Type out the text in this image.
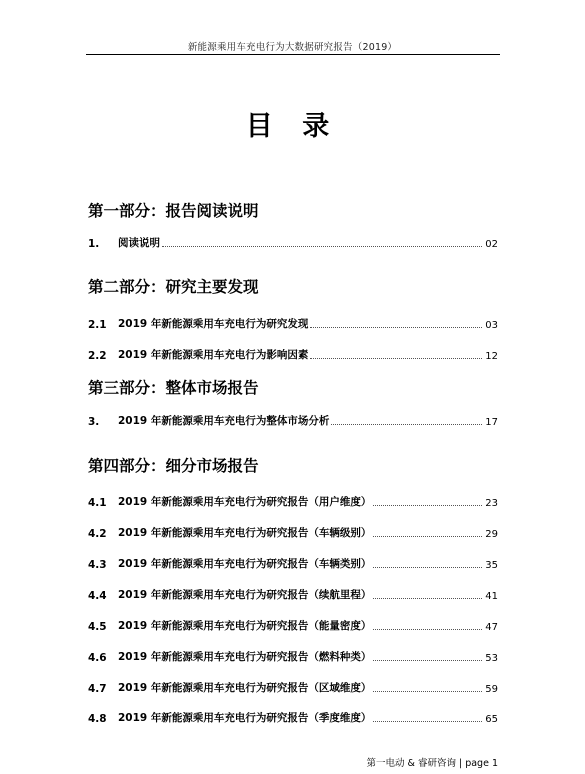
新能源乘用车充电行为大数据研究报告（2019）
目 录
第一部分：报告阅读说明
1.	阅读说明	02
第二部分：研究主要发现
2.1	2019 年新能源乘用车充电行为研究发现	03
2.2	2019 年新能源乘用车充电行为影响因素	12
第三部分：整体市场报告
3.	2019 年新能源乘用车充电行为整体市场分析	17
第四部分：细分市场报告
4.1	2019 年新能源乘用车充电行为研究报告（用户维度）	23
4.2	2019 年新能源乘用车充电行为研究报告（车辆级别）	29
4.3	2019 年新能源乘用车充电行为研究报告（车辆类别）	35
4.4	2019 年新能源乘用车充电行为研究报告（续航里程）	41
4.5	2019 年新能源乘用车充电行为研究报告（能量密度）	47
4.6	2019 年新能源乘用车充电行为研究报告（燃料种类）	53
4.7	2019 年新能源乘用车充电行为研究报告（区域维度）	59
4.8	2019 年新能源乘用车充电行为研究报告（季度维度）	65
第一电动 & 睿研咨询 | page 1
